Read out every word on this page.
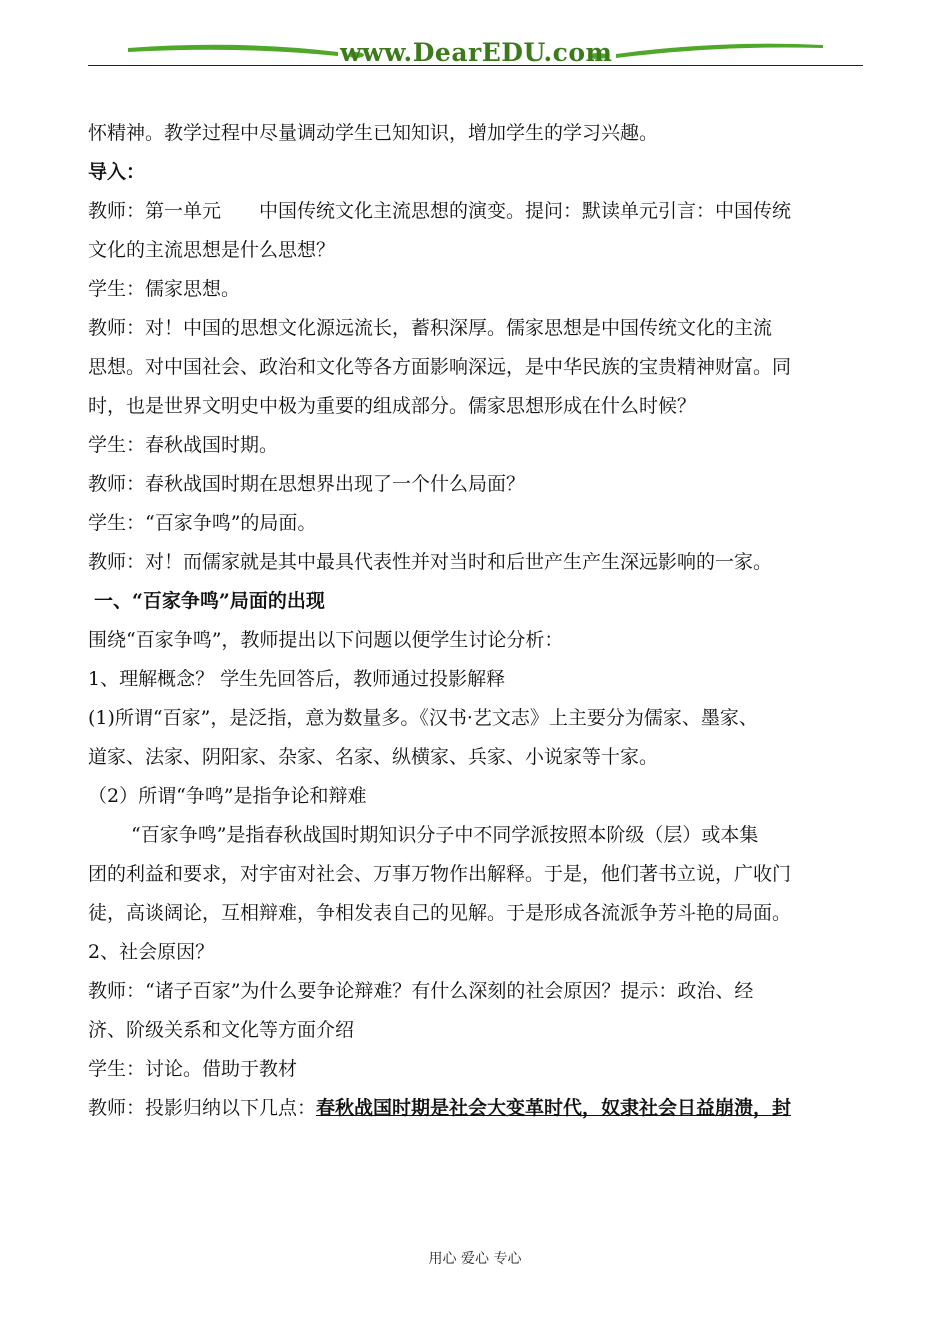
www.DearEDU.com

怀精神。教学过程中尽量调动学生已知知识，增加学生的学习兴趣。

导入：

教师：第一单元　　中国传统文化主流思想的演变。提问：默读单元引言：中国传统

文化的主流思想是什么思想？

学生：儒家思想。

教师：对！中国的思想文化源远流长，蓄积深厚。儒家思想是中国传统文化的主流

思想。对中国社会、政治和文化等各方面影响深远，是中华民族的宝贵精神财富。同

时，也是世界文明史中极为重要的组成部分。儒家思想形成在什么时候？

学生：春秋战国时期。

教师：春秋战国时期在思想界出现了一个什么局面？

学生：“百家争鸣”的局面。

教师：对！而儒家就是其中最具代表性并对当时和后世产生产生深远影响的一家。

一、“百家争鸣”局面的出现

围绕“百家争鸣”，教师提出以下问题以便学生讨论分析：

1、理解概念？ 学生先回答后，教师通过投影解释

(1)所谓“百家”，是泛指，意为数量多。《汉书·艺文志》上主要分为儒家、墨家、

道家、法家、阴阳家、杂家、名家、纵横家、兵家、小说家等十家。

（2）所谓“争鸣”是指争论和辩难

“百家争鸣”是指春秋战国时期知识分子中不同学派按照本阶级（层）或本集

团的利益和要求，对宇宙对社会、万事万物作出解释。于是，他们著书立说，广收门

徒，高谈阔论，互相辩难，争相发表自己的见解。于是形成各流派争芳斗艳的局面。

2、社会原因？

教师：“诸子百家”为什么要争论辩难？有什么深刻的社会原因？提示：政治、经

济、阶级关系和文化等方面介绍

学生：讨论。借助于教材

教师：投影归纳以下几点：春秋战国时期是社会大变革时代，奴隶社会日益崩溃，封

用心 爱心 专心
